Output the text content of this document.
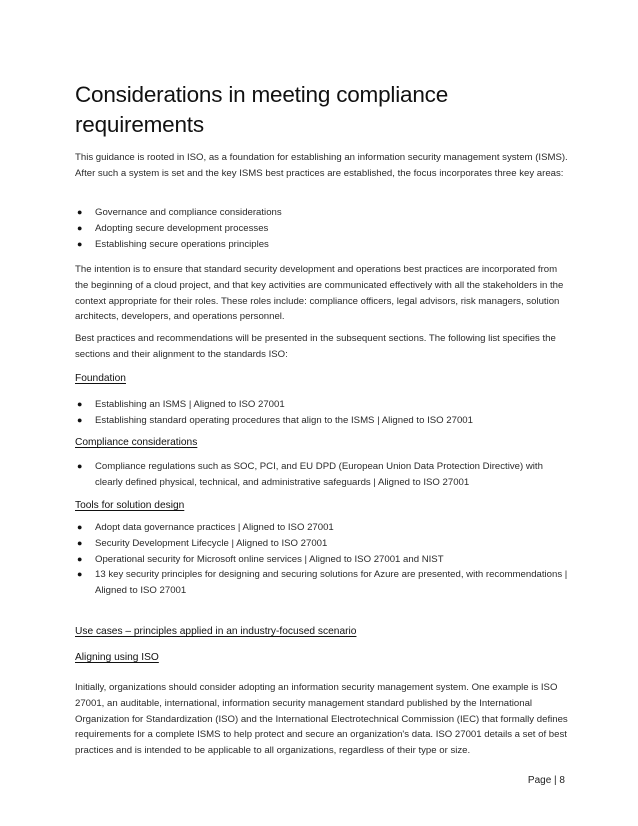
Considerations in meeting compliance requirements

This guidance is rooted in ISO, as a foundation for establishing an information security management system (ISMS). After such a system is set and the key ISMS best practices are established, the focus incorporates three key areas:

● Governance and compliance considerations
● Adopting secure development processes
● Establishing secure operations principles

The intention is to ensure that standard security development and operations best practices are incorporated from the beginning of a cloud project, and that key activities are communicated effectively with all the stakeholders in the context appropriate for their roles. These roles include: compliance officers, legal advisors, risk managers, solution architects, developers, and operations personnel.

Best practices and recommendations will be presented in the subsequent sections. The following list specifies the sections and their alignment to the standards ISO:

Foundation

● Establishing an ISMS | Aligned to ISO 27001
● Establishing standard operating procedures that align to the ISMS | Aligned to ISO 27001

Compliance considerations

● Compliance regulations such as SOC, PCI, and EU DPD (European Union Data Protection Directive) with clearly defined physical, technical, and administrative safeguards | Aligned to ISO 27001

Tools for solution design

● Adopt data governance practices | Aligned to ISO 27001
● Security Development Lifecycle | Aligned to ISO 27001
● Operational security for Microsoft online services | Aligned to ISO 27001 and NIST
● 13 key security principles for designing and securing solutions for Azure are presented, with recommendations | Aligned to ISO 27001

Use cases – principles applied in an industry-focused scenario

Aligning using ISO

Initially, organizations should consider adopting an information security management system. One example is ISO 27001, an auditable, international, information security management standard published by the International Organization for Standardization (ISO) and the International Electrotechnical Commission (IEC) that formally defines requirements for a complete ISMS to help protect and secure an organization's data. ISO 27001 details a set of best practices and is intended to be applicable to all organizations, regardless of their type or size.

Page | 8
